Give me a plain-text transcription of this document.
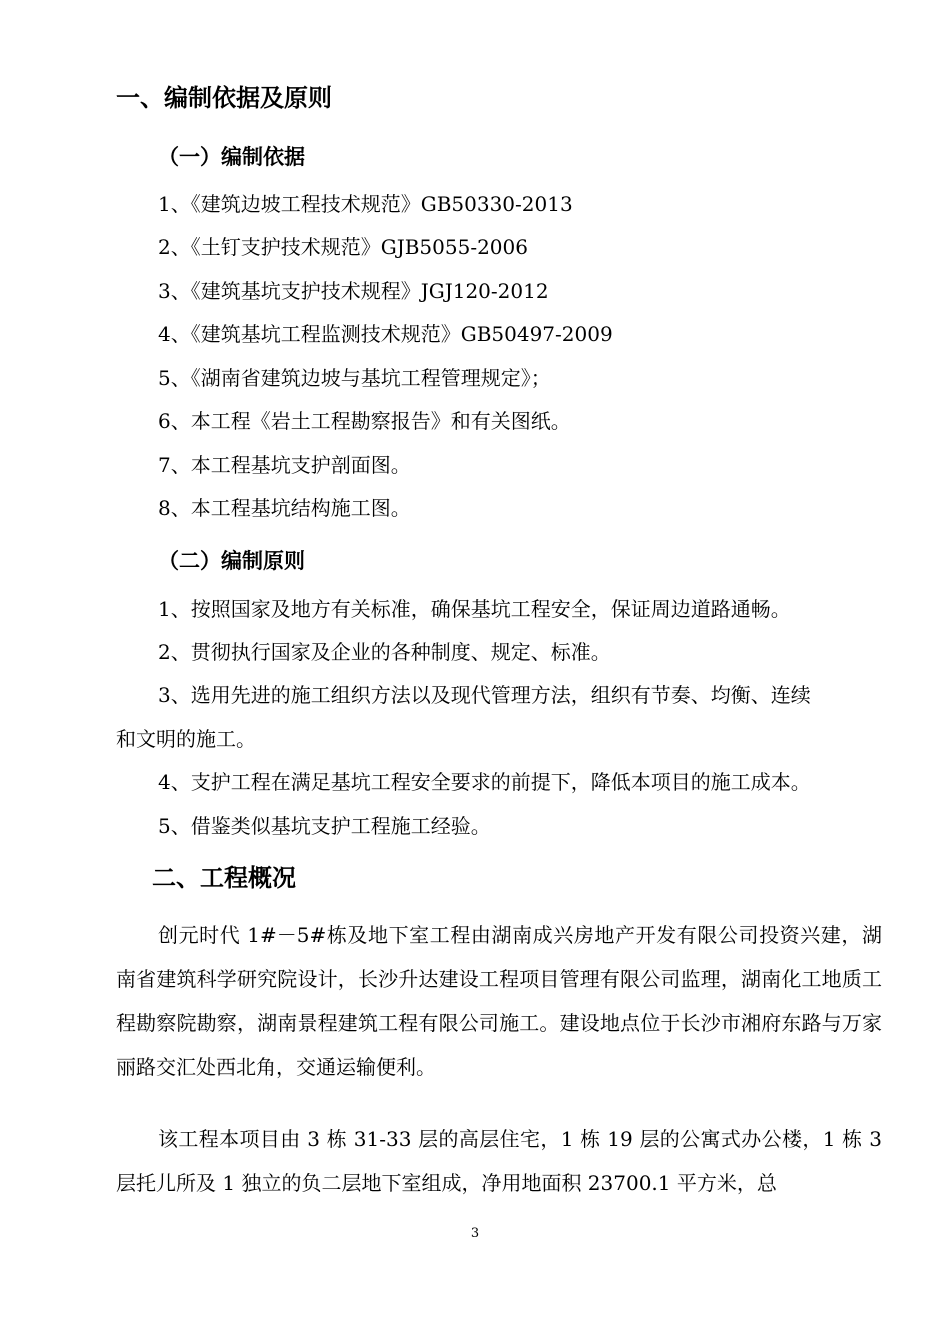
一、编制依据及原则
（一）编制依据
1、《建筑边坡工程技术规范》GB50330-2013
2、《土钉支护技术规范》GJB5055-2006
3、《建筑基坑支护技术规程》JGJ120-2012
4、《建筑基坑工程监测技术规范》GB50497-2009
5、《湖南省建筑边坡与基坑工程管理规定》；
6、本工程《岩土工程勘察报告》和有关图纸。
7、本工程基坑支护剖面图。
8、本工程基坑结构施工图。
（二）编制原则
1、按照国家及地方有关标准，确保基坑工程安全，保证周边道路通畅。
2、贯彻执行国家及企业的各种制度、规定、标准。
3、选用先进的施工组织方法以及现代管理方法，组织有节奏、均衡、连续
和文明的施工。
4、支护工程在满足基坑工程安全要求的前提下，降低本项目的施工成本。
5、借鉴类似基坑支护工程施工经验。
二、工程概况

创元时代 1#－5#栋及地下室工程由湖南成兴房地产开发有限公司投资兴建，湖南省建筑科学研究院设计，长沙升达建设工程项目管理有限公司监理，湖南化工地质工程勘察院勘察，湖南景程建筑工程有限公司施工。建设地点位于长沙市湘府东路与万家丽路交汇处西北角，交通运输便利。

该工程本项目由 3 栋 31-33 层的高层住宅，1 栋 19 层的公寓式办公楼，1 栋 3 层托儿所及 1 独立的负二层地下室组成，净用地面积 23700.1 平方米，总

3
